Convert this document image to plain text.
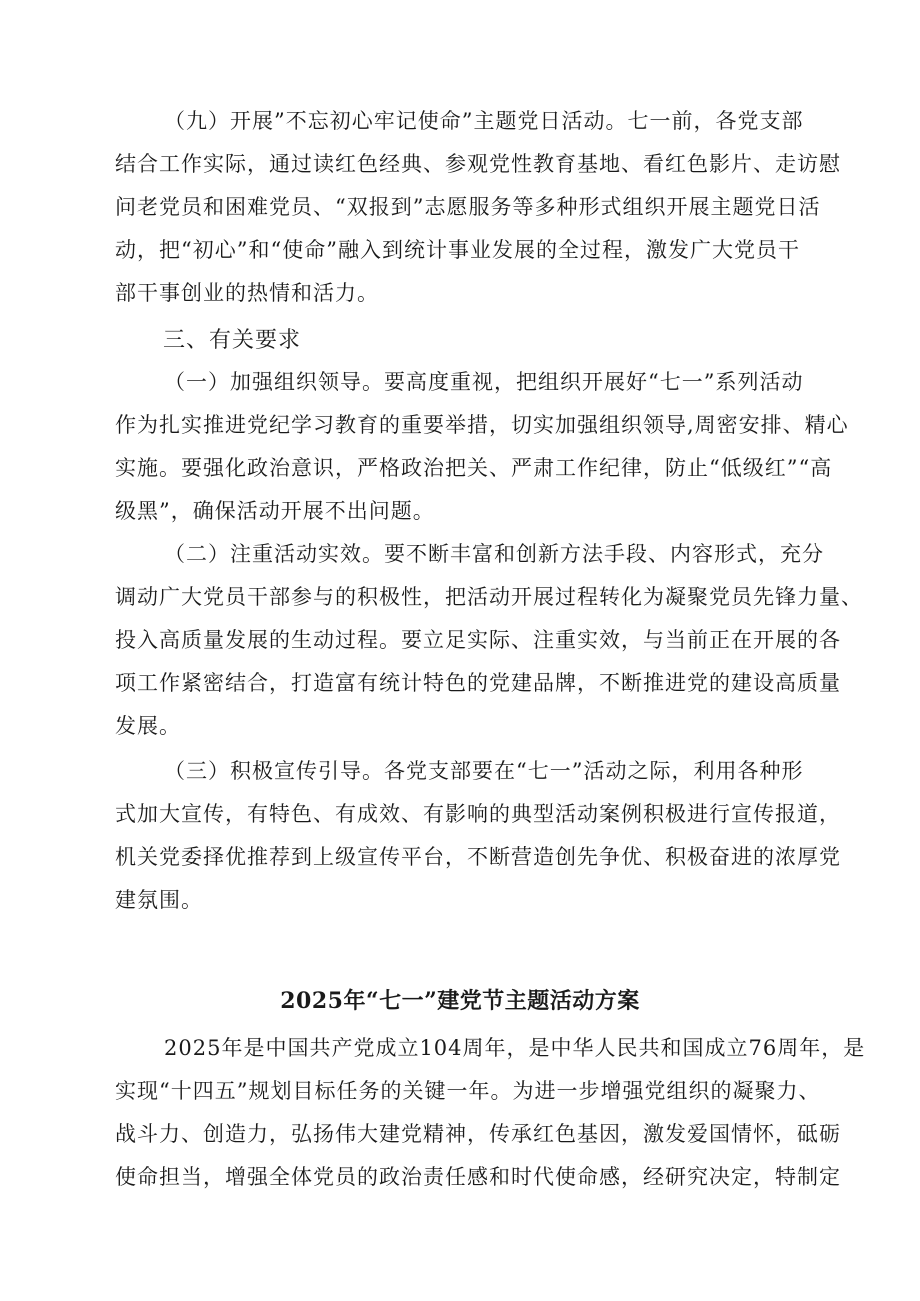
（九）开展”不忘初心牢记使命”主题党日活动。七一前，各党支部
结合工作实际，通过读红色经典、参观党性教育基地、看红色影片、走访慰
问老党员和困难党员、“双报到”志愿服务等多种形式组织开展主题党日活
动，把“初心”和“使命”融入到统计事业发展的全过程，激发广大党员干
部干事创业的热情和活力。
三、有关要求
（一）加强组织领导。要高度重视，把组织开展好“七一”系列活动
作为扎实推进党纪学习教育的重要举措，切实加强组织领导,周密安排、精心
实施。要强化政治意识，严格政治把关、严肃工作纪律，防止“低级红”“高
级黑”，确保活动开展不出问题。
（二）注重活动实效。要不断丰富和创新方法手段、内容形式，充分
调动广大党员干部参与的积极性，把活动开展过程转化为凝聚党员先锋力量、
投入高质量发展的生动过程。要立足实际、注重实效，与当前正在开展的各
项工作紧密结合，打造富有统计特色的党建品牌，不断推进党的建设高质量
发展。
（三）积极宣传引导。各党支部要在“七一”活动之际，利用各种形
式加大宣传，有特色、有成效、有影响的典型活动案例积极进行宣传报道，
机关党委择优推荐到上级宣传平台，不断营造创先争优、积极奋进的浓厚党
建氛围。
2025年“七一”建党节主题活动方案
2025年是中国共产党成立104周年，是中华人民共和国成立76周年，是
实现“十四五”规划目标任务的关键一年。为进一步增强党组织的凝聚力、
战斗力、创造力，弘扬伟大建党精神，传承红色基因，激发爱国情怀，砥砺
使命担当，增强全体党员的政治责任感和时代使命感，经研究决定，特制定
